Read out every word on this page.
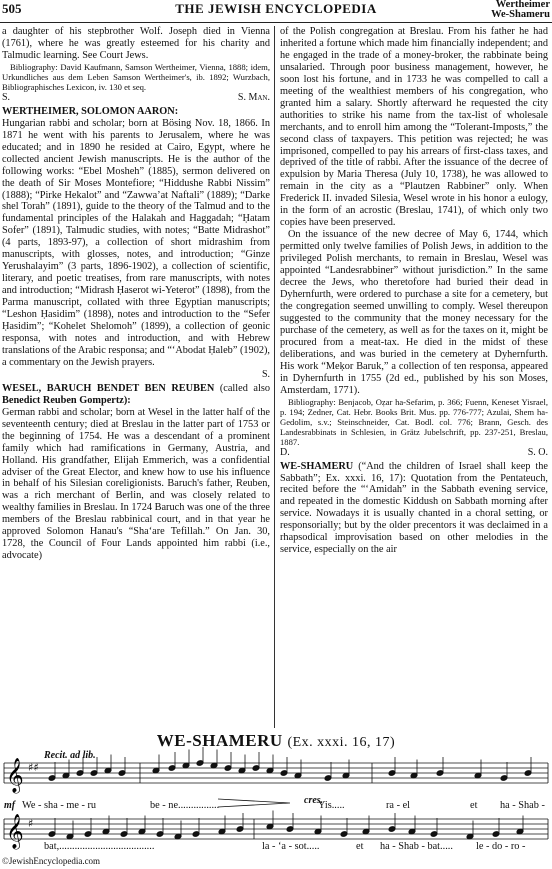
505	THE JEWISH ENCYCLOPEDIA	Wertheimer
We-Shameru

a daughter of his stepbrother Wolf. Joseph died in Vienna (1761), where he was greatly esteemed for his charity and Talmudic learning. See Court Jews.

Bibliography: David Kaufmann, Samson Wertheimer, Vienna, 1888; idem, Urkundliches aus dem Leben Samson Wertheimer's, ib. 1892; Wurzbach, Bibliographisches Lexicon, iv. 130 et seq.

S.	S. Man.

WERTHEIMER, SOLOMON AARON:

Hungarian rabbi and scholar; born at Bösing Nov. 18, 1866. In 1871 he went with his parents to Jerusalem, where he was educated; and in 1890 he resided at Cairo, Egypt, where he collected ancient Jewish manuscripts. He is the author of the following works: “Ebel Mosheh” (1885), sermon delivered on the death of Sir Moses Montefiore; “Hiddushe Rabbi Nissim” (1888); “Pirke Hekalot” and “Zawwa’at Naftali” (1889); “Darke shel Torah” (1891), guide to the theory of the Talmud and to the fundamental principles of the Halakah and Haggadah; “Ḥatam Sofer” (1891), Talmudic studies, with notes; “Batte Midrashot” (4 parts, 1893-97), a collection of short midrashim from manuscripts, with glosses, notes, and introduction; “Ginze Yerushalayim” (3 parts, 1896-1902), a collection of scientific, literary, and poetic treatises, from rare manuscripts, with notes and introduction; “Midrash Ḥaserot wi-Yeterot” (1898), from the Parma manuscript, collated with three Egyptian manuscripts; “Leshon Ḥasidim” (1898), notes and introduction to the “Sefer Ḥasidim”; “Kohelet Shelomoh” (1899), a collection of geonic responsa, with notes and introduction, and with Hebrew translations of the Arabic responsa; and “‘Abodat Ḥaleb” (1902), a commentary on the Jewish prayers.

S.

WESEL, BARUCH BENDET BEN REUBEN (called also Benedict Reuben Gompertz):

German rabbi and scholar; born at Wesel in the latter half of the seventeenth century; died at Breslau in the latter part of 1753 or the beginning of 1754. He was a descendant of a prominent family which had ramifications in Germany, Austria, and Holland. His grandfather, Elijah Emmerich, was a confidential adviser of the Great Elector, and knew how to use his influence in behalf of his Silesian coreligionists. Baruch's father, Reuben, was a rich merchant of Berlin, and was closely related to wealthy families in Breslau. In 1724 Baruch was one of the three members of the Breslau rabbinical court, and in that year he approved Solomon Hanau's “Sha‘are Tefillah.” On Jan. 30, 1728, the Council of Four Lands appointed him rabbi (i.e., advocate)

of the Polish congregation at Breslau. From his father he had inherited a fortune which made him financially independent; and he engaged in the trade of a money-broker, the rabbinate being unsalaried. Through poor business management, however, he soon lost his fortune, and in 1733 he was compelled to call a meeting of the wealthiest members of his congregation, who granted him a salary. Shortly afterward he requested the city authorities to strike his name from the tax-list of wholesale merchants, and to enroll him among the “Tolerant-Imposts,” the second class of taxpayers. This petition was rejected; he was imprisoned, compelled to pay his arrears of first-class taxes, and deprived of the title of rabbi. After the issuance of the decree of expulsion by Maria Theresa (July 10, 1738), he was allowed to remain in the city as a “Plautzen Rabbiner” only. When Frederick II. invaded Silesia, Wesel wrote in his honor a eulogy, in the form of an acrostic (Breslau, 1741), of which only two copies have been preserved.

On the issuance of the new decree of May 6, 1744, which permitted only twelve families of Polish Jews, in addition to the privileged Polish merchants, to remain in Breslau, Wesel was appointed “Landesrabbiner” without jurisdiction.” In the same decree the Jews, who theretofore had buried their dead in Dyhernfurth, were ordered to purchase a site for a cemetery, but the congregation seemed unwilling to comply. Wesel thereupon suggested to the community that the money necessary for the purchase of the cemetery, as well as for the taxes on it, might be procured from a meat-tax. He died in the midst of these deliberations, and was buried in the cemetery at Dyhernfurth. His work “Meḳor Baruk,” a collection of ten responsa, appeared in Dyhernfurth in 1755 (2d ed., published by his son Moses, Amsterdam, 1771).

Bibliography: Benjacob, Oẓar ha-Sefarim, p. 366; Fuenn, Keneset Yisrael, p. 194; Zedner, Cat. Hebr. Books Brit. Mus. pp. 776-777; Azulai, Shem ha-Gedolim, s.v.; Steinschneider, Cat. Bodl. col. 776; Brann, Gesch. des Landesrabbinats in Schlesien, in Grätz Jubelschrift, pp. 237-251, Breslau, 1887.

D.	S. O.

WE-SHAMERU (“And the children of Israel shall keep the Sabbath”; Ex. xxxi. 16, 17): Quotation from the Pentateuch, recited before the “‘Amidah” in the Sabbath evening service, and repeated in the domestic Kiddush on Sabbath morning after service. Nowadays it is usually chanted in a choral setting, or responsorially; but by the older precentors it was declaimed in a rhapsodical improvisation based on other melodies in the service, especially on the air

WE-SHAMERU (Ex. xxxi. 16, 17)
Recit. ad lib.
𝄞
𝄞
♯♯
♯
mf	cres.
We - sha - me - ru	be - ne................	Yis.....	ra - el	et ha - Shab -
bat,.....................................	la - ‘a - sot.....	et ha - Shab - bat..... le - do - ro -
©JewishEncyclopedia.com
